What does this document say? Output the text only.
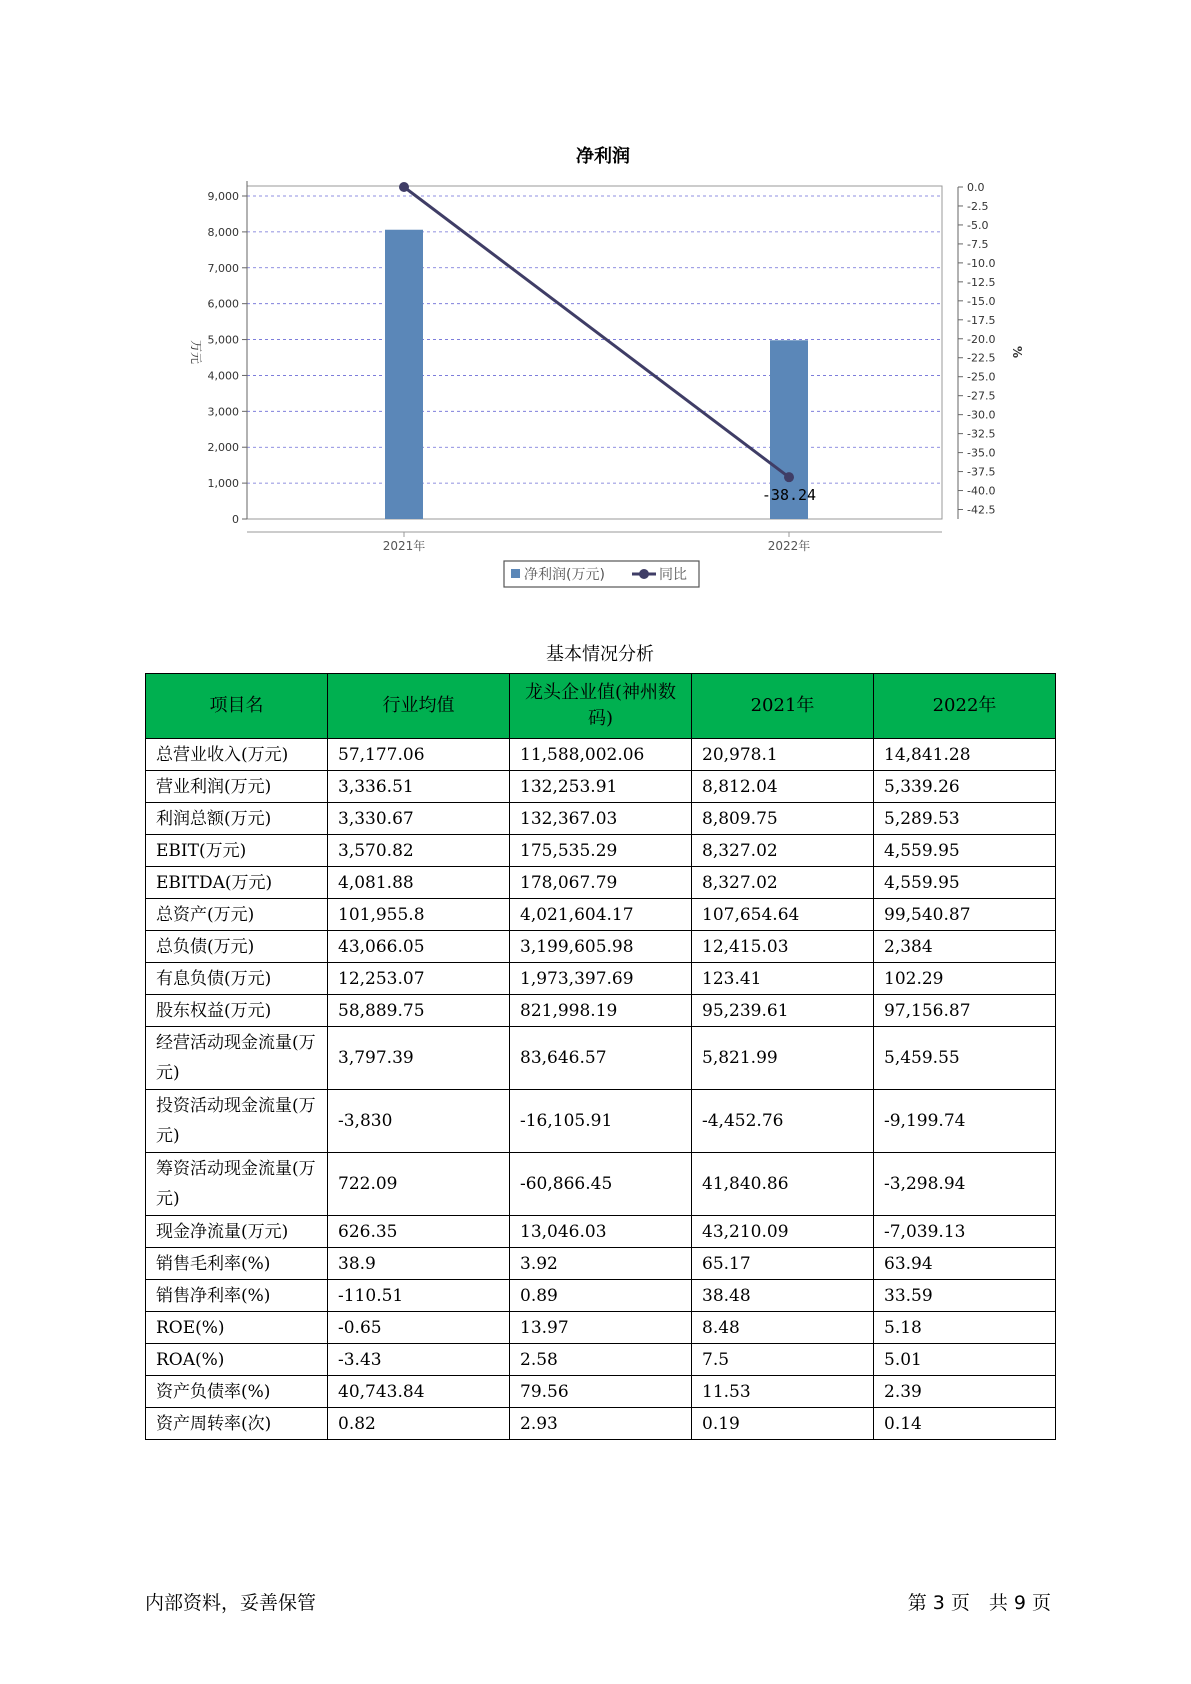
净利润
0
1,000
2,000
3,000
4,000
5,000
6,000
7,000
8,000
9,000
万元
0.0
-2.5
-5.0
-7.5
-10.0
-12.5
-15.0
-17.5
-20.0
-22.5
-25.0
-27.5
-30.0
-32.5
-35.0
-37.5
-40.0
-42.5
%
2021年	2022年
-38.24
净利润(万元)	同比
基本情况分析
项目名	行业均值	龙头企业值(神州数码)	2021年	2022年
总营业收入(万元)	57,177.06	11,588,002.06	20,978.1	14,841.28
营业利润(万元)	3,336.51	132,253.91	8,812.04	5,339.26
利润总额(万元)	3,330.67	132,367.03	8,809.75	5,289.53
EBIT(万元)	3,570.82	175,535.29	8,327.02	4,559.95
EBITDA(万元)	4,081.88	178,067.79	8,327.02	4,559.95
总资产(万元)	101,955.8	4,021,604.17	107,654.64	99,540.87
总负债(万元)	43,066.05	3,199,605.98	12,415.03	2,384
有息负债(万元)	12,253.07	1,973,397.69	123.41	102.29
股东权益(万元)	58,889.75	821,998.19	95,239.61	97,156.87
经营活动现金流量(万元)	3,797.39	83,646.57	5,821.99	5,459.55
投资活动现金流量(万元)	-3,830	-16,105.91	-4,452.76	-9,199.74
筹资活动现金流量(万元)	722.09	-60,866.45	41,840.86	-3,298.94
现金净流量(万元)	626.35	13,046.03	43,210.09	-7,039.13
销售毛利率(%)	38.9	3.92	65.17	63.94
销售净利率(%)	-110.51	0.89	38.48	33.59
ROE(%)	-0.65	13.97	8.48	5.18
ROA(%)	-3.43	2.58	7.5	5.01
资产负债率(%)	40,743.84	79.56	11.53	2.39
资产周转率(次)	0.82	2.93	0.19	0.14
内部资料，妥善保管	第 3 页　共 9 页
